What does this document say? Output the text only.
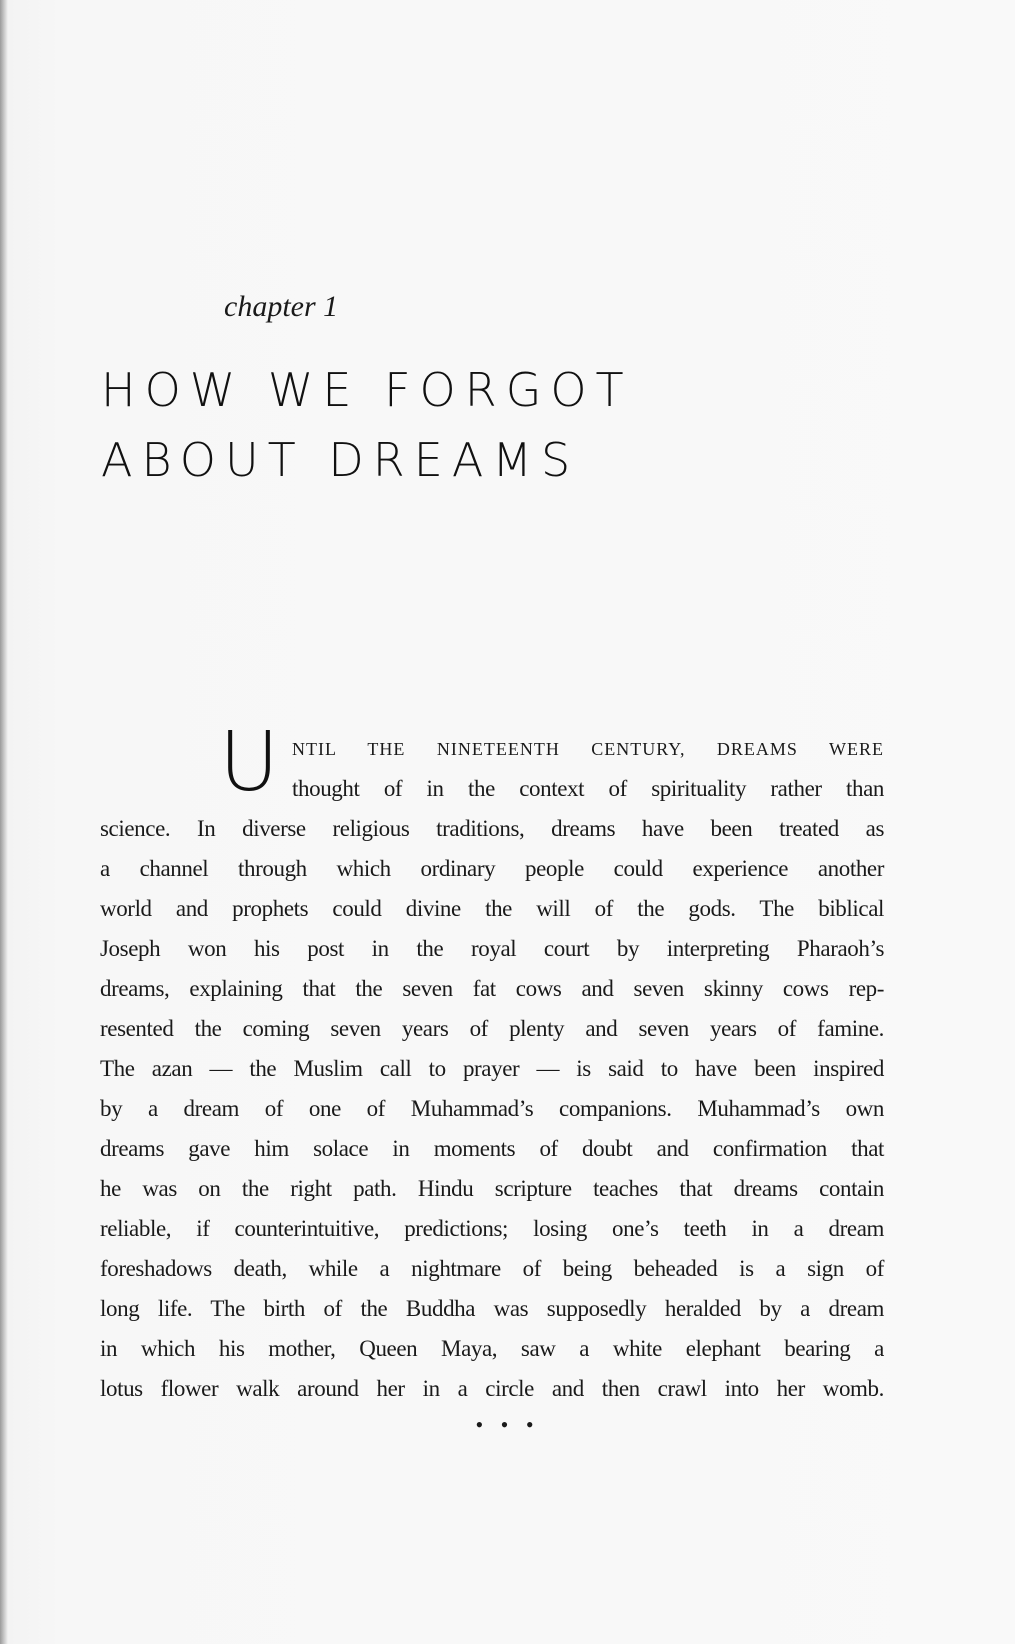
chapter 1
HOW WE FORGOT
ABOUT DREAMS
U NTIL THE NINETEENTH CENTURY, DREAMS WERE
thought of in the context of spirituality rather than
science. In diverse religious traditions, dreams have been treated as
a channel through which ordinary people could experience another
world and prophets could divine the will of the gods. The biblical
Joseph won his post in the royal court by interpreting Pharaoh’s
dreams, explaining that the seven fat cows and seven skinny cows rep-
resented the coming seven years of plenty and seven years of famine.
The azan — the Muslim call to prayer — is said to have been inspired
by a dream of one of Muhammad’s companions. Muhammad’s own
dreams gave him solace in moments of doubt and confirmation that
he was on the right path. Hindu scripture teaches that dreams contain
reliable, if counterintuitive, predictions; losing one’s teeth in a dream
foreshadows death, while a nightmare of being beheaded is a sign of
long life. The birth of the Buddha was supposedly heralded by a dream
in which his mother, Queen Maya, saw a white elephant bearing a
lotus flower walk around her in a circle and then crawl into her womb.
• • •
